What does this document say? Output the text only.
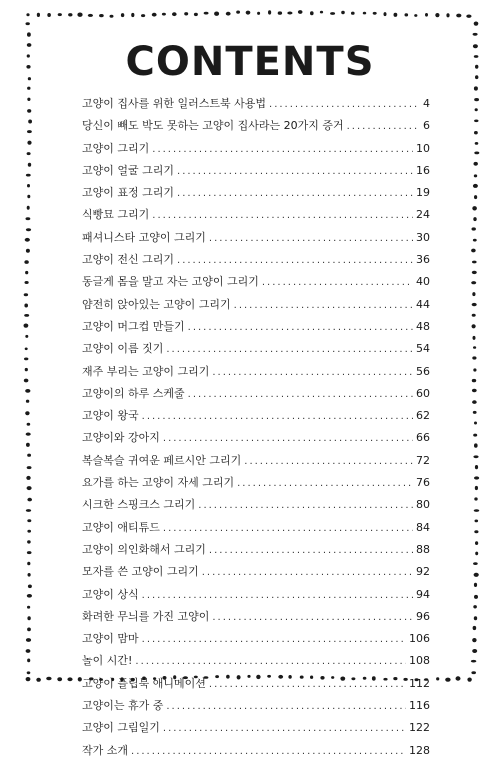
CONTENTS
고양이 집사를 위한 일러스트북 사용법 .....	4
당신이 빼도 박도 못하는 고양이 집사라는 20가지 증거 .....	6
고양이 그리기 .....	10
고양이 얼굴 그리기 .....	16
고양이 표정 그리기 .....	19
식빵묘 그리기 .....	24
패셔니스타 고양이 그리기 .....	30
고양이 전신 그리기 .....	36
동글게 몸을 말고 자는 고양이 그리기 .....	40
얌전히 앉아있는 고양이 그리기 .....	44
고양이 머그컵 만들기 .....	48
고양이 이름 짓기 .....	54
재주 부리는 고양이 그리기 .....	56
고양이의 하루 스케줄 .....	60
고양이 왕국 .....	62
고양이와 강아지 .....	66
복슬복슬 귀여운 페르시안 그리기 .....	72
요가를 하는 고양이 자세 그리기 .....	76
시크한 스핑크스 그리기 .....	80
고양이 애티튜드 .....	84
고양이 의인화해서 그리기 .....	88
모자를 쓴 고양이 그리기 .....	92
고양이 상식 .....	94
화려한 무늬를 가진 고양이 .....	96
고양이 맘마 .....	106
놀이 시간! .....	108
고양이 플립북 애니메이션 .....	112
고양이는 휴가 중 .....	116
고양이 그림일기 .....	122
작가 소개 .....	128
